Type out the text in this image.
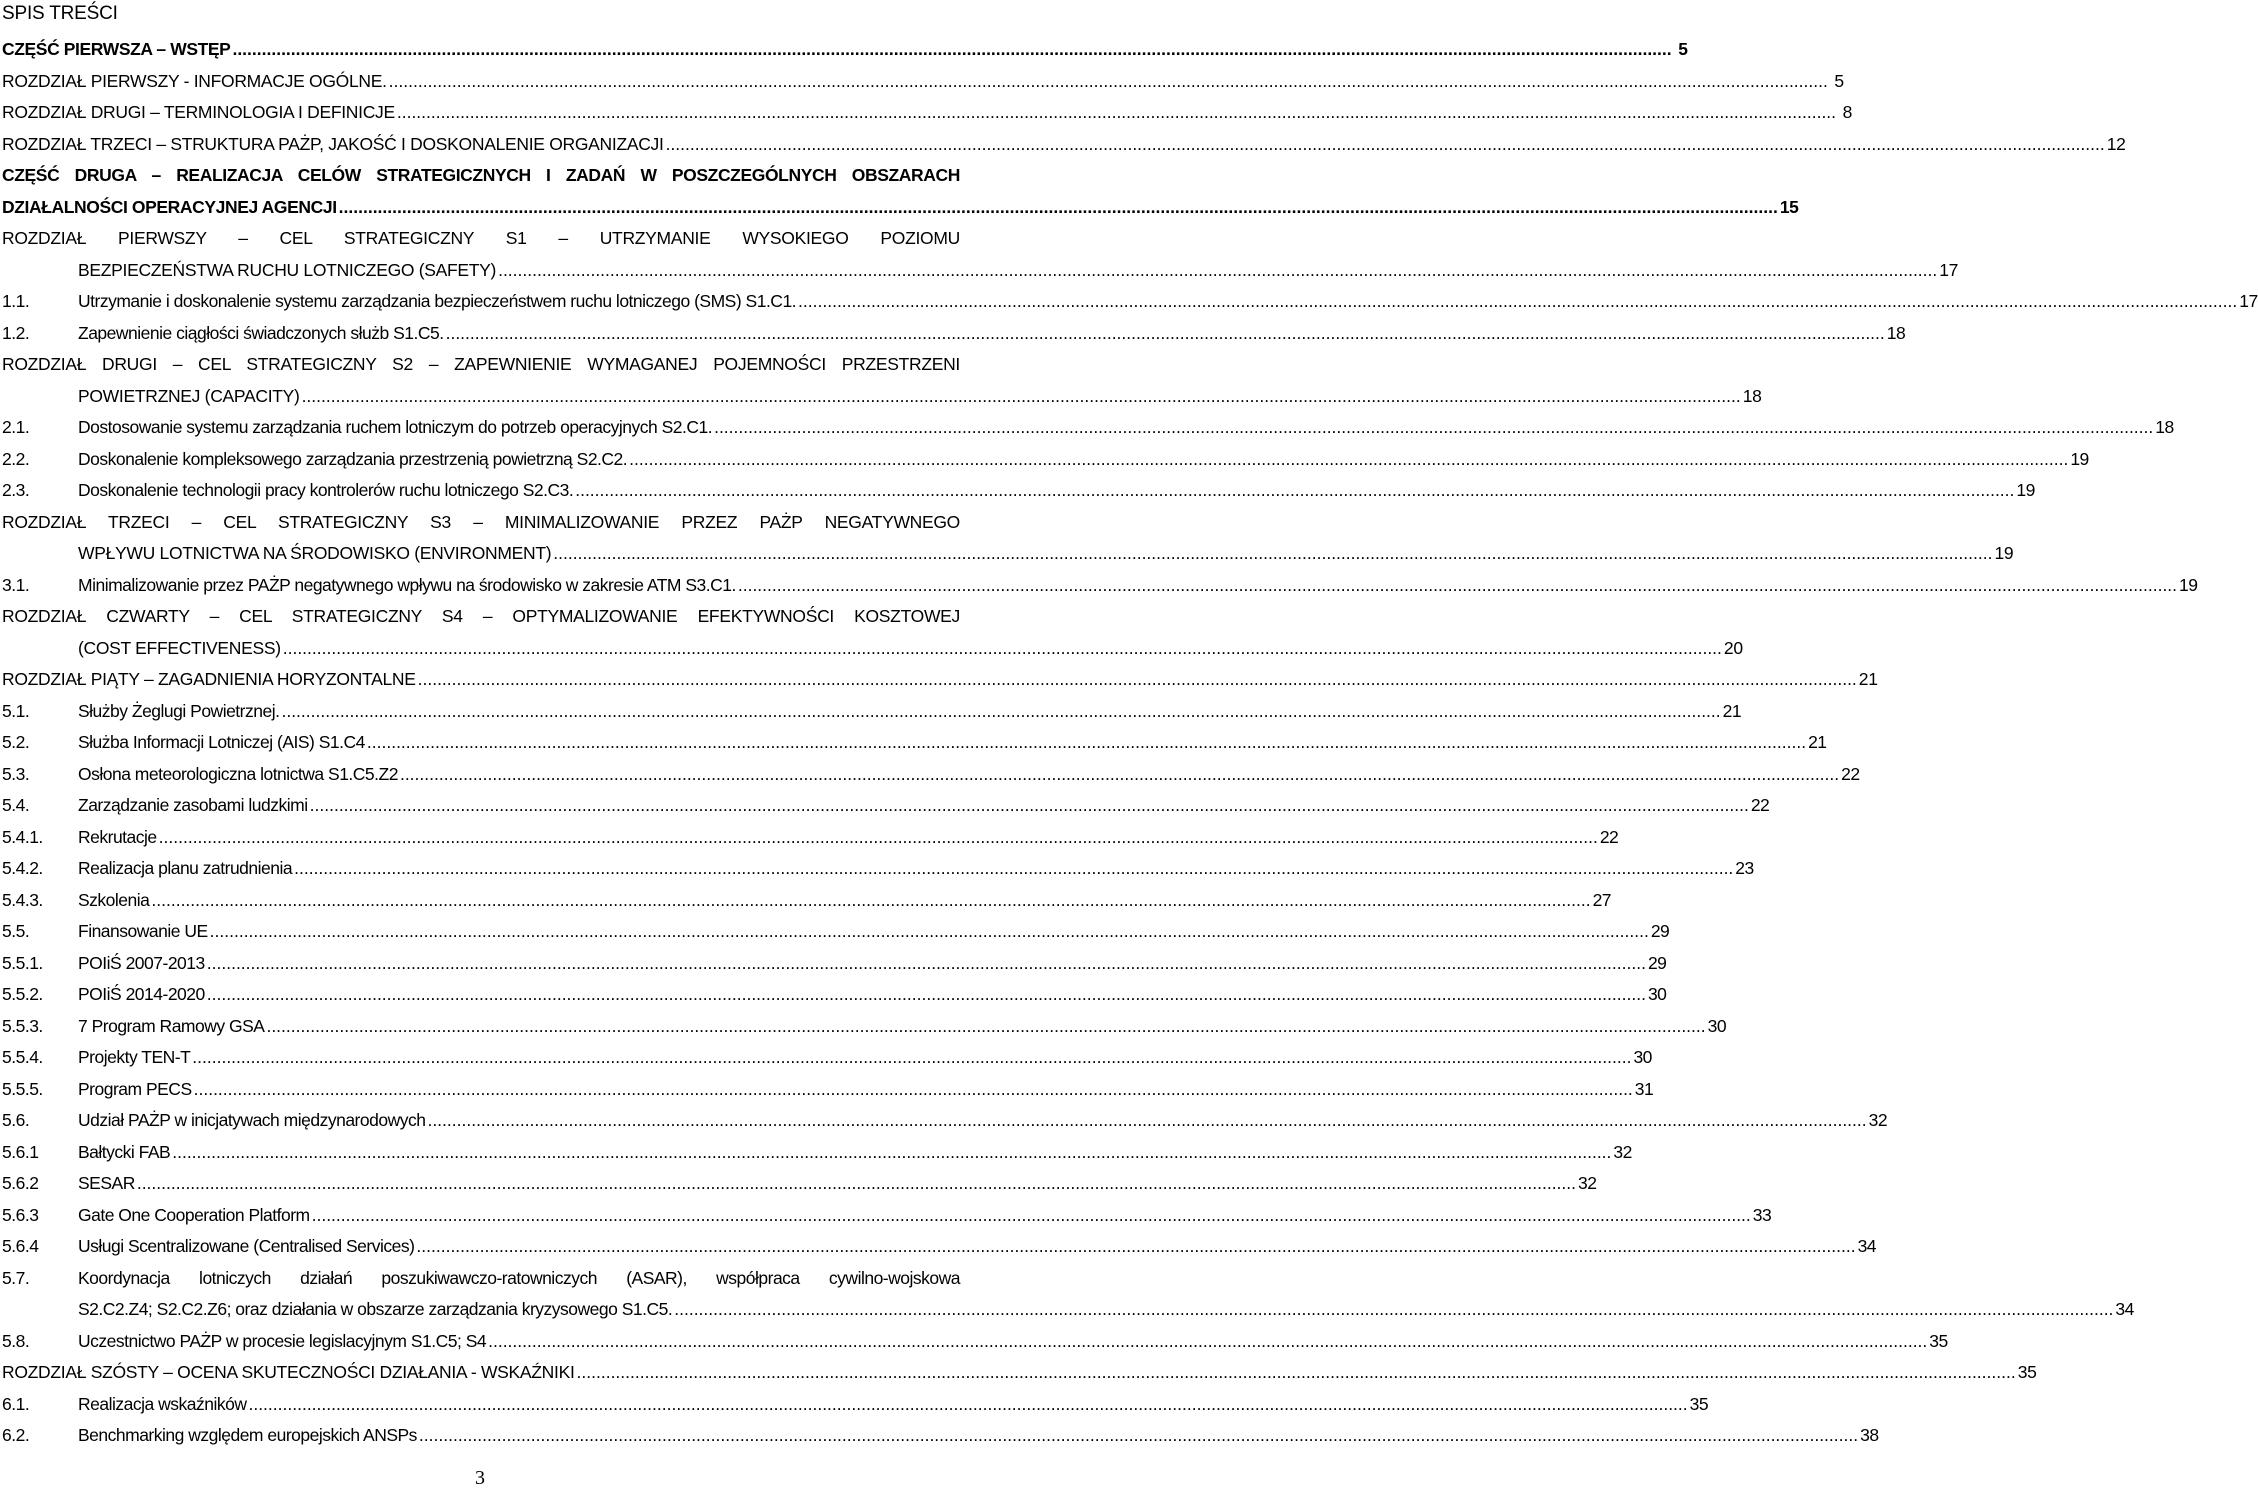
SPIS TREŚCI
CZĘŚĆ PIERWSZA – WSTĘP .....	5
ROZDZIAŁ PIERWSZY - INFORMACJE OGÓLNE. .....	5
ROZDZIAŁ DRUGI – TERMINOLOGIA I DEFINICJE .....	8
ROZDZIAŁ TRZECI – STRUKTURA PAŻP, JAKOŚĆ I DOSKONALENIE ORGANIZACJI .....	12
CZĘŚĆ DRUGA – REALIZACJA CELÓW STRATEGICZNYCH I ZADAŃ W POSZCZEGÓLNYCH OBSZARACH
DZIAŁALNOŚCI OPERACYJNEJ AGENCJI .....	15
ROZDZIAŁ PIERWSZY – CEL STRATEGICZNY S1 – UTRZYMANIE WYSOKIEGO POZIOMU
BEZPIECZEŃSTWA RUCHU LOTNICZEGO (SAFETY) .....	17
1.1.	Utrzymanie i doskonalenie systemu zarządzania bezpieczeństwem ruchu lotniczego (SMS) S1.C1. .....	17
1.2.	Zapewnienie ciągłości świadczonych służb S1.C5. .....	18
ROZDZIAŁ DRUGI – CEL STRATEGICZNY S2 – ZAPEWNIENIE WYMAGANEJ POJEMNOŚCI PRZESTRZENI
POWIETRZNEJ (CAPACITY) .....	18
2.1.	Dostosowanie systemu zarządzania ruchem lotniczym do potrzeb operacyjnych S2.C1. .....	18
2.2.	Doskonalenie kompleksowego zarządzania przestrzenią powietrzną S2.C2. .....	19
2.3.	Doskonalenie technologii pracy kontrolerów ruchu lotniczego S2.C3. .....	19
ROZDZIAŁ TRZECI – CEL STRATEGICZNY S3 – MINIMALIZOWANIE PRZEZ PAŻP NEGATYWNEGO
WPŁYWU LOTNICTWA NA ŚRODOWISKO (ENVIRONMENT) .....	19
3.1.	Minimalizowanie przez PAŻP negatywnego wpływu na środowisko w zakresie ATM S3.C1. .....	19
ROZDZIAŁ CZWARTY – CEL STRATEGICZNY S4 – OPTYMALIZOWANIE EFEKTYWNOŚCI KOSZTOWEJ
(COST EFFECTIVENESS) .....	20
ROZDZIAŁ PIĄTY – ZAGADNIENIA HORYZONTALNE .....	21
5.1.	Służby Żeglugi Powietrznej. .....	21
5.2.	Służba Informacji Lotniczej (AIS) S1.C4 .....	21
5.3.	Osłona meteorologiczna lotnictwa S1.C5.Z2 .....	22
5.4.	Zarządzanie zasobami ludzkimi .....	22
5.4.1.	Rekrutacje .....	22
5.4.2.	Realizacja planu zatrudnienia .....	23
5.4.3.	Szkolenia .....	27
5.5.	Finansowanie UE .....	29
5.5.1.	POIiŚ 2007-2013 .....	29
5.5.2.	POIiŚ 2014-2020 .....	30
5.5.3.	7 Program Ramowy GSA .....	30
5.5.4.	Projekty TEN-T .....	30
5.5.5.	Program PECS .....	31
5.6.	Udział PAŻP w inicjatywach międzynarodowych .....	32
5.6.1	Bałtycki FAB .....	32
5.6.2	SESAR .....	32
5.6.3	Gate One Cooperation Platform .....	33
5.6.4	Usługi Scentralizowane (Centralised Services) .....	34
5.7.	Koordynacja lotniczych działań poszukiwawczo-ratowniczych (ASAR), współpraca cywilno-wojskowa
S2.C2.Z4; S2.C2.Z6; oraz działania w obszarze zarządzania kryzysowego S1.C5. .....	34
5.8.	Uczestnictwo PAŻP w procesie legislacyjnym S1.C5; S4 .....	35
ROZDZIAŁ SZÓSTY – OCENA SKUTECZNOŚCI DZIAŁANIA - WSKAŹNIKI .....	35
6.1.	Realizacja wskaźników .....	35
6.2.	Benchmarking względem europejskich ANSPs .....	38
3
